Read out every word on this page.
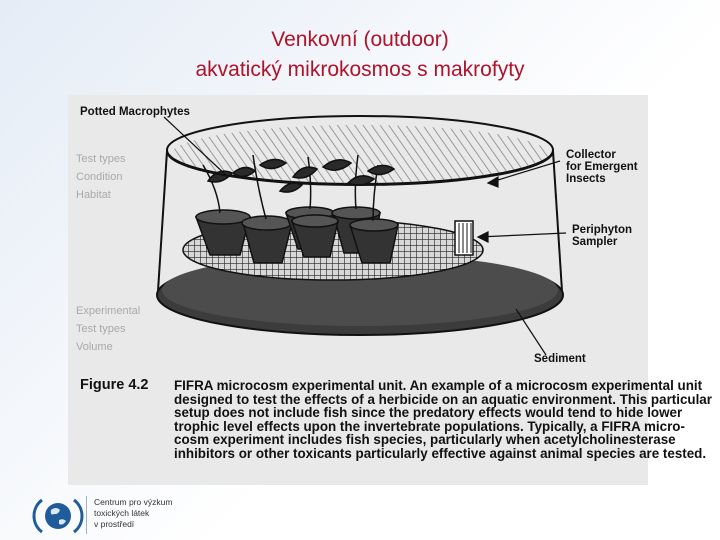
Venkovní (outdoor)
akvatický mikrokosmos s makrofyty
Test types
Condition
Habitat
Experimental
Test types
Volume
Potted Macrophytes
Collector
for Emergent
Insects
Periphyton
Sampler
Sediment
Figure 4.2 FIFRA microcosm experimental unit. An example of a microcosm experimental unit
designed to test the effects of a herbicide on an aquatic environment. This particular
setup does not include fish since the predatory effects would tend to hide lower
trophic level effects upon the invertebrate populations. Typically, a FIFRA micro-
cosm experiment includes fish species, particularly when acetylcholinesterase
inhibitors or other toxicants particularly effective against animal species are tested.
Centrum pro výzkum
toxických látek
v prostředí
